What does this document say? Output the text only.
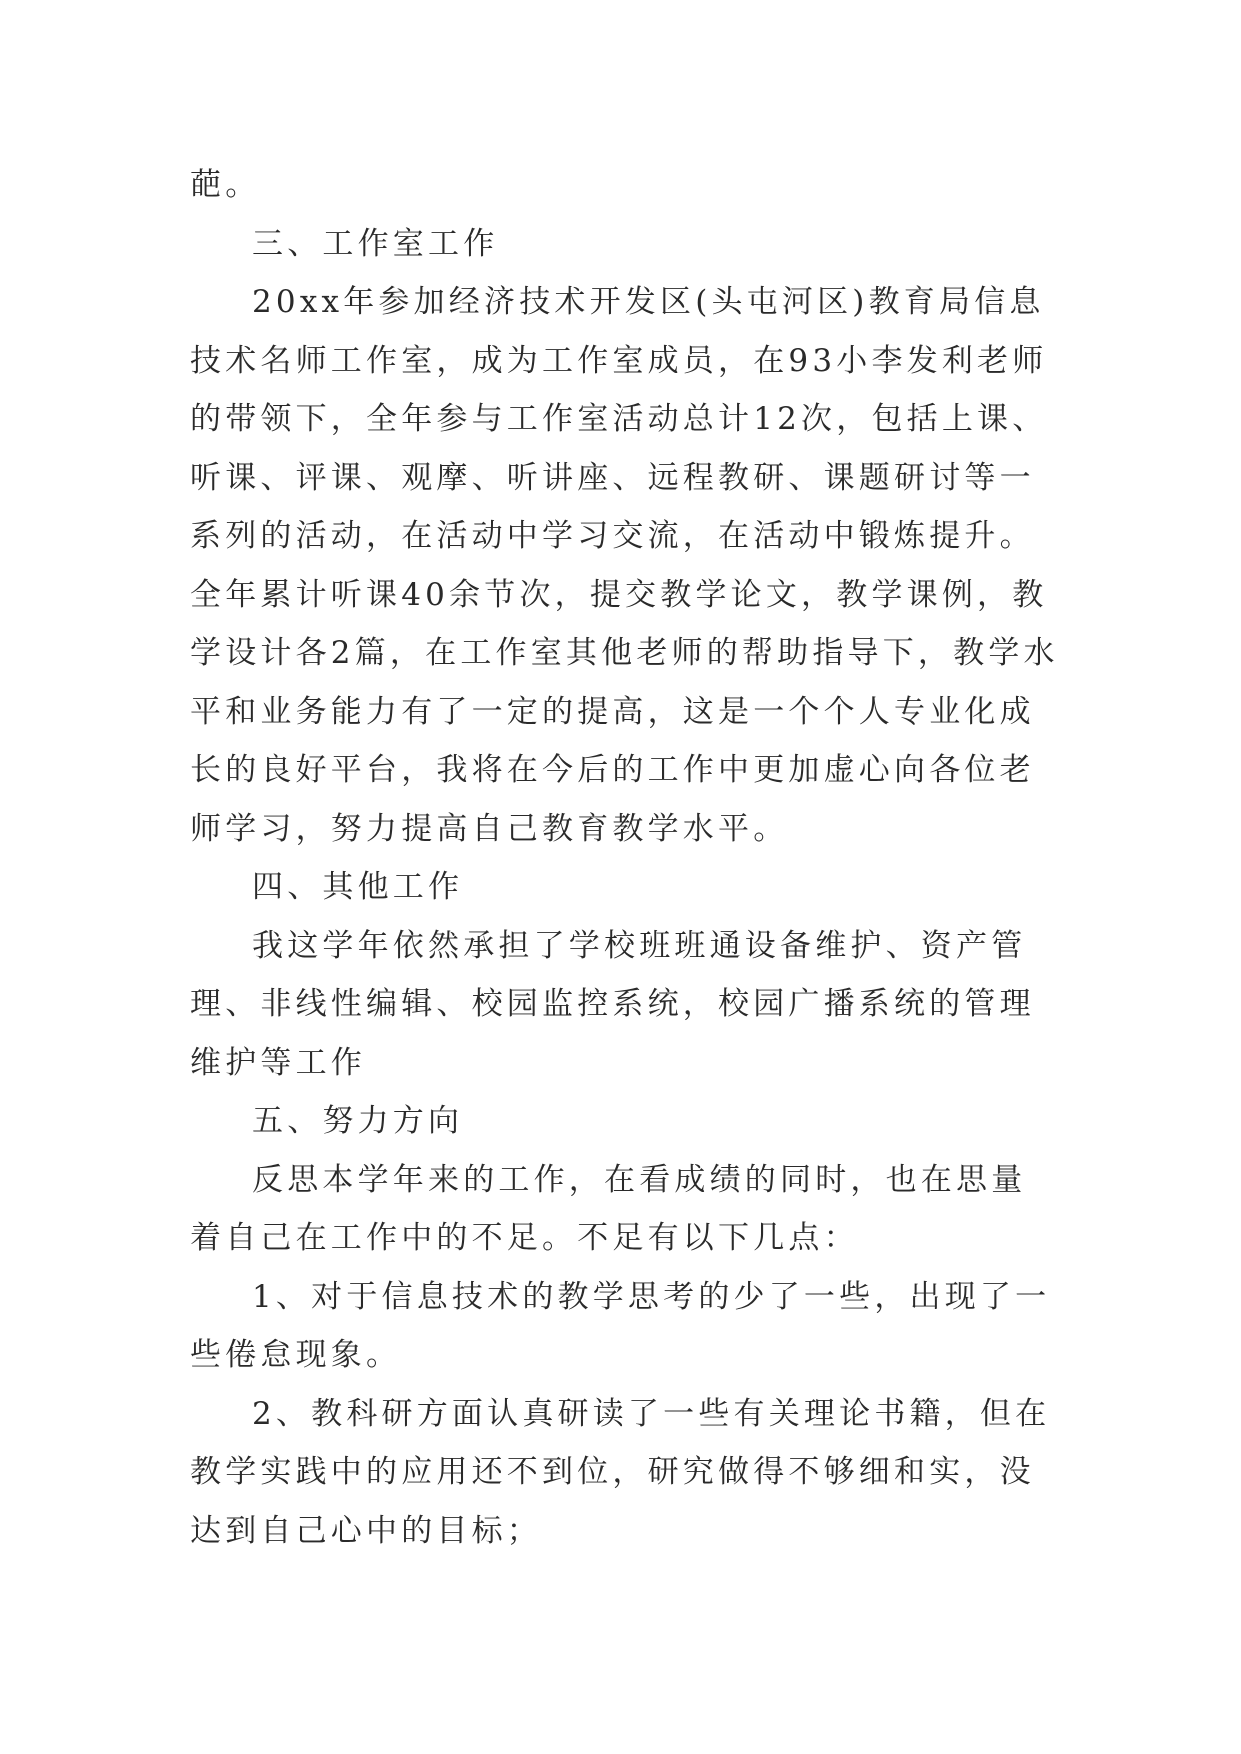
葩。

三、工作室工作

20xx年参加经济技术开发区(头屯河区)教育局信息技术名师工作室，成为工作室成员，在93小李发利老师的带领下，全年参与工作室活动总计12次，包括上课、听课、评课、观摩、听讲座、远程教研、课题研讨等一系列的活动，在活动中学习交流，在活动中锻炼提升。全年累计听课40余节次，提交教学论文，教学课例，教学设计各2篇，在工作室其他老师的帮助指导下，教学水平和业务能力有了一定的提高，这是一个个人专业化成长的良好平台，我将在今后的工作中更加虚心向各位老师学习，努力提高自己教育教学水平。

四、其他工作

我这学年依然承担了学校班班通设备维护、资产管理、非线性编辑、校园监控系统，校园广播系统的管理维护等工作

五、努力方向

反思本学年来的工作，在看成绩的同时，也在思量着自己在工作中的不足。不足有以下几点：

1、对于信息技术的教学思考的少了一些，出现了一些倦怠现象。

2、教科研方面认真研读了一些有关理论书籍，但在教学实践中的应用还不到位，研究做得不够细和实，没达到自己心中的目标；
